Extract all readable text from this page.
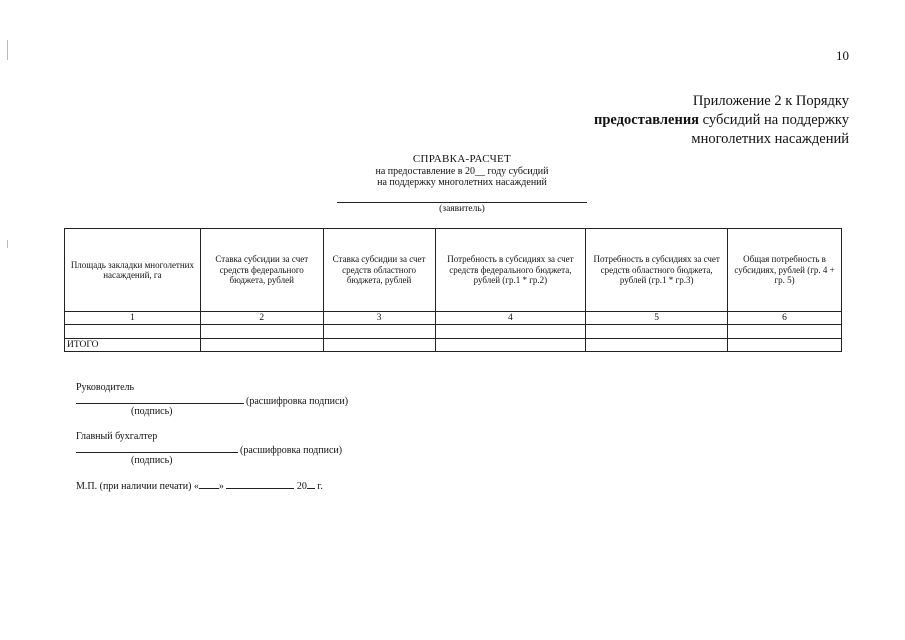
10
Приложение 2 к Порядку
предоставления субсидий на поддержку
многолетних насаждений
СПРАВКА-РАСЧЕТ
на предоставление в 20__ году субсидий
на поддержку многолетних насаждений
(заявитель)
Площадь закладки многолетних насаждений, га	Ставка субсидии за счет средств федерального бюджета, рублей	Ставка субсидии за счет средств областного бюджета, рублей	Потребность в субсидиях за счет средств федерального бюджета, рублей (гр.1 * гр.2)	Потребность в субсидиях за счет средств областного бюджета, рублей (гр.1 * гр.3)	Общая потребность в субсидиях, рублей (гр. 4 + гр. 5)
1	2	3	4	5	6

ИТОГО					
Руководитель
(расшифровка подписи)
(подпись)
Главный бухгалтер
(расшифровка подписи)
(подпись)
М.П. (при наличии печати) « »	20 г.
